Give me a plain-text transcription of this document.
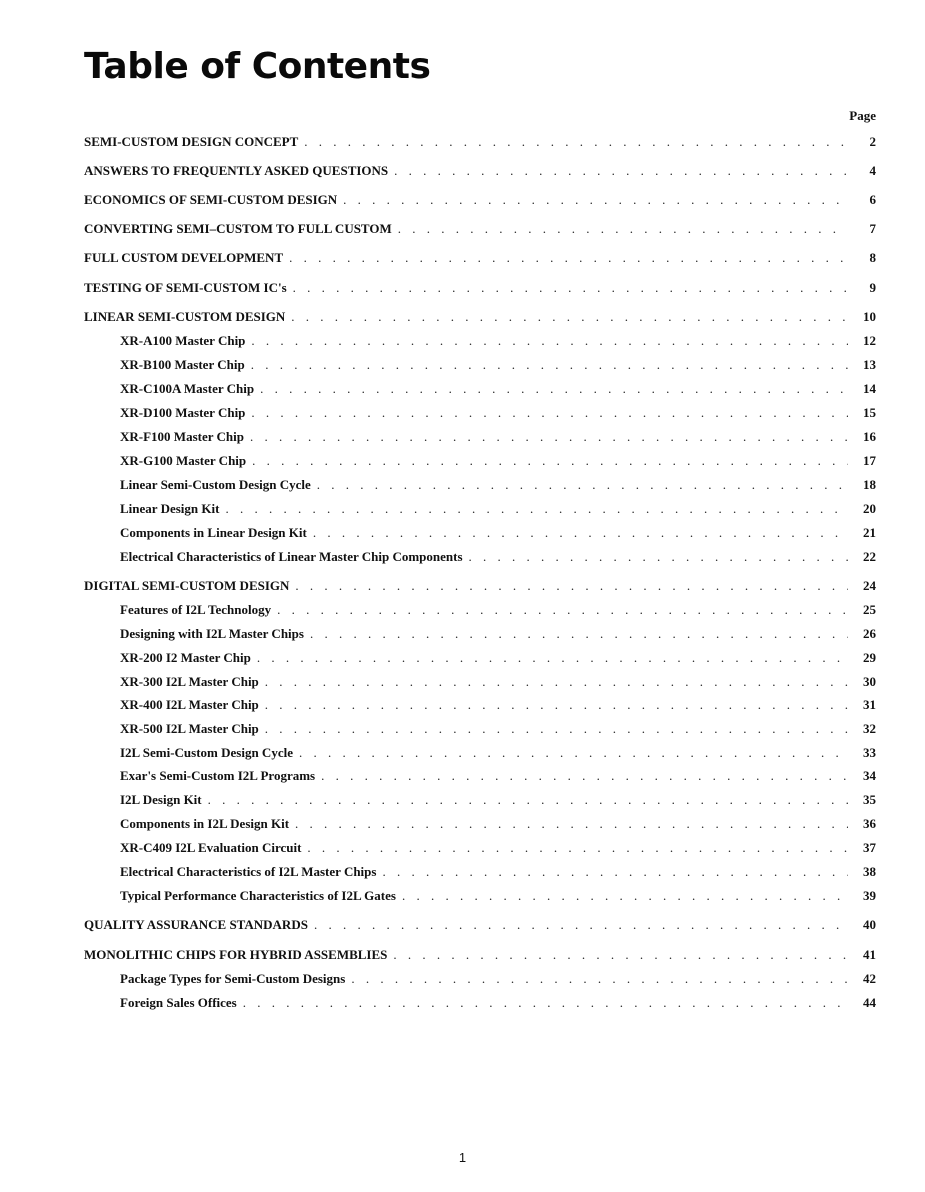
Table of Contents
Page
SEMI-CUSTOM DESIGN CONCEPT . . .	2
ANSWERS TO FREQUENTLY ASKED QUESTIONS . . .	4
ECONOMICS OF SEMI-CUSTOM DESIGN . . .	6
CONVERTING SEMI–CUSTOM TO FULL CUSTOM . . .	7
FULL CUSTOM DEVELOPMENT . . .	8
TESTING OF SEMI-CUSTOM IC's . . .	9
LINEAR SEMI-CUSTOM DESIGN . . .	10
XR-A100 Master Chip . . .	12
XR-B100 Master Chip . . .	13
XR-C100A Master Chip . . .	14
XR-D100 Master Chip . . .	15
XR-F100 Master Chip . . .	16
XR-G100 Master Chip . . .	17
Linear Semi-Custom Design Cycle . . .	18
Linear Design Kit . . .	20
Components in Linear Design Kit . . .	21
Electrical Characteristics of Linear Master Chip Components . . .	22
DIGITAL SEMI-CUSTOM DESIGN . . .	24
Features of I2L Technology . . .	25
Designing with I2L Master Chips . . .	26
XR-200 I2 Master Chip . . .	29
XR-300 I2L Master Chip . . .	30
XR-400 I2L Master Chip . . .	31
XR-500 I2L Master Chip . . .	32
I2L Semi-Custom Design Cycle . . .	33
Exar's Semi-Custom I2L Programs . . .	34
I2L Design Kit . . .	35
Components in I2L Design Kit . . .	36
XR-C409 I2L Evaluation Circuit . . .	37
Electrical Characteristics of I2L Master Chips . . .	38
Typical Performance Characteristics of I2L Gates . . .	39
QUALITY ASSURANCE STANDARDS . . .	40
MONOLITHIC CHIPS FOR HYBRID ASSEMBLIES . . .	41
Package Types for Semi-Custom Designs . . .	42
Foreign Sales Offices . . .	44
1
